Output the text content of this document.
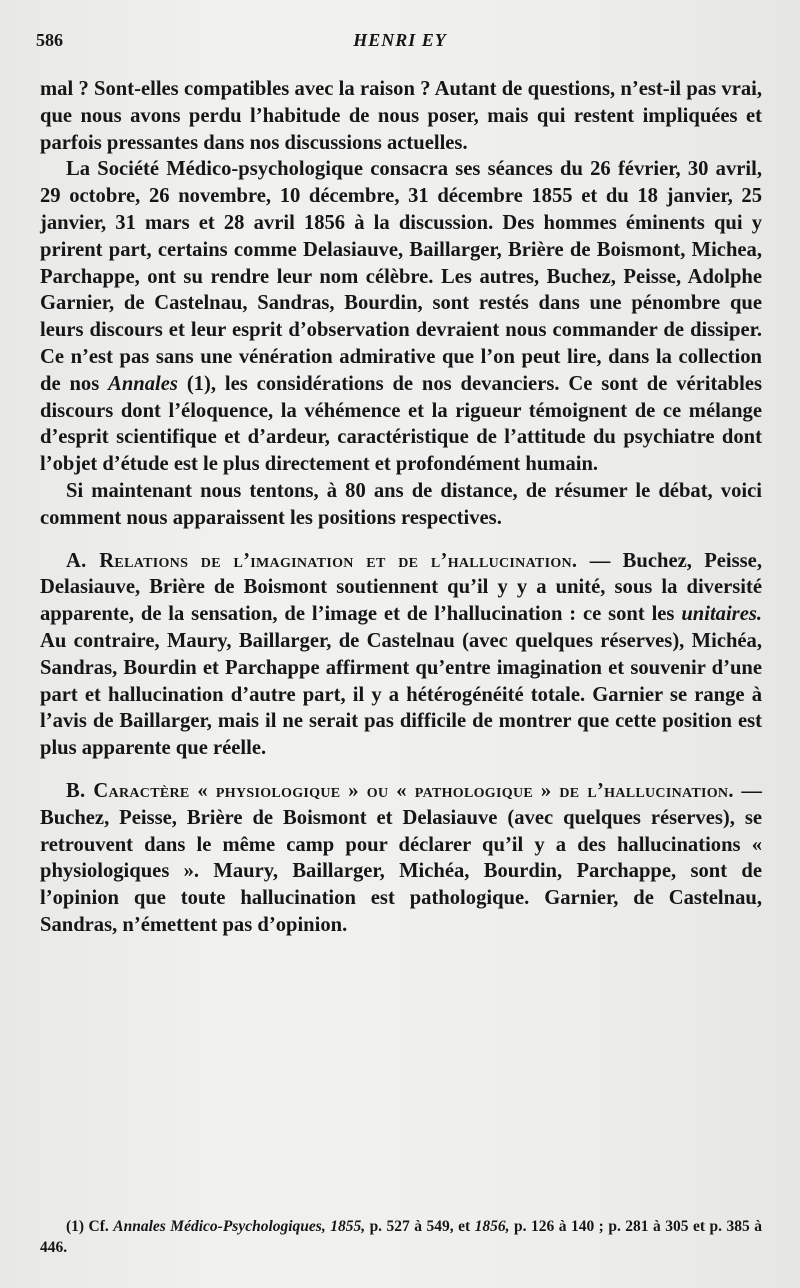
586	HENRI EY

mal ? Sont-elles compatibles avec la raison ? Autant de questions, n’est-il pas vrai, que nous avons perdu l’habitude de nous poser, mais qui restent impliquées et parfois pressantes dans nos discussions actuelles.

La Société Médico-psychologique consacra ses séances du 26 février, 30 avril, 29 octobre, 26 novembre, 10 décembre, 31 décembre 1855 et du 18 janvier, 25 janvier, 31 mars et 28 avril 1856 à la discussion. Des hommes éminents qui y prirent part, certains comme Delasiauve, Baillarger, Brière de Boismont, Michea, Parchappe, ont su rendre leur nom célèbre. Les autres, Buchez, Peisse, Adolphe Garnier, de Castelnau, Sandras, Bourdin, sont restés dans une pénombre que leurs discours et leur esprit d’observation devraient nous commander de dissiper. Ce n’est pas sans une vénération admirative que l’on peut lire, dans la collection de nos Annales (1), les considérations de nos devanciers. Ce sont de véritables discours dont l’éloquence, la véhémence et la rigueur témoignent de ce mélange d’esprit scientifique et d’ardeur, caractéristique de l’attitude du psychiatre dont l’objet d’étude est le plus directement et profondément humain.

Si maintenant nous tentons, à 80 ans de distance, de résumer le débat, voici comment nous apparaissent les positions respectives.

A. Relations de l’imagination et de l’hallucination. — Buchez, Peisse, Delasiauve, Brière de Boismont soutiennent qu’il y y a unité, sous la diversité apparente, de la sensation, de l’image et de l’hallucination : ce sont les unitaires. Au contraire, Maury, Baillarger, de Castelnau (avec quelques réserves), Michéa, Sandras, Bourdin et Parchappe affirment qu’entre imagination et souvenir d’une part et hallucination d’autre part, il y a hétérogénéité totale. Garnier se range à l’avis de Baillarger, mais il ne serait pas difficile de montrer que cette position est plus apparente que réelle.

B. Caractère « physiologique » ou « pathologique » de l’hallucination. — Buchez, Peisse, Brière de Boismont et Delasiauve (avec quelques réserves), se retrouvent dans le même camp pour déclarer qu’il y a des hallucinations « physiologiques ». Maury, Baillarger, Michéa, Bourdin, Parchappe, sont de l’opinion que toute hallucination est pathologique. Garnier, de Castelnau, Sandras, n’émettent pas d’opinion.

(1) Cf. Annales Médico-Psychologiques, 1855, p. 527 à 549, et 1856, p. 126 à 140 ; p. 281 à 305 et p. 385 à 446.
